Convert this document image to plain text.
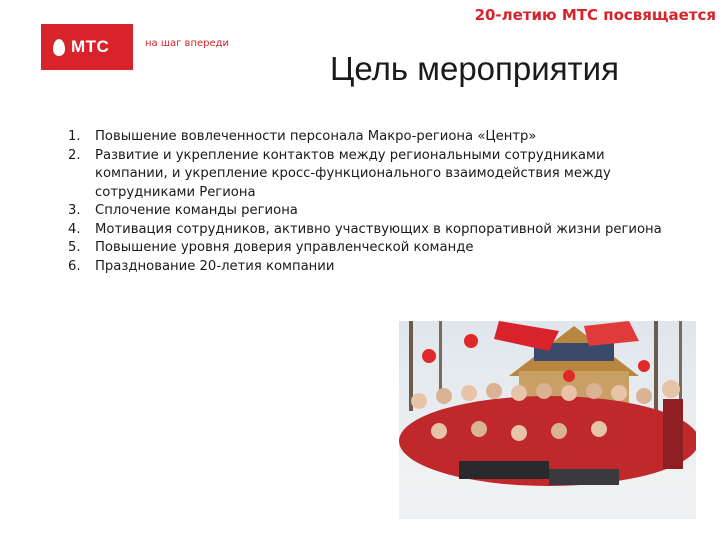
20-летию МТС посвящается
МТС	на шаг впереди
Цель мероприятия
1. Повышение вовлеченности персонала Макро-региона «Центр»
2. Развитие и укрепление контактов между региональными сотрудниками компании, и укрепление кросс-функционального взаимодействия между сотрудниками Региона
3. Сплочение команды региона
4. Мотивация сотрудников, активно участвующих в корпоративной жизни региона
5. Повышение уровня доверия управленческой команде
6. Празднование 20-летия компании
